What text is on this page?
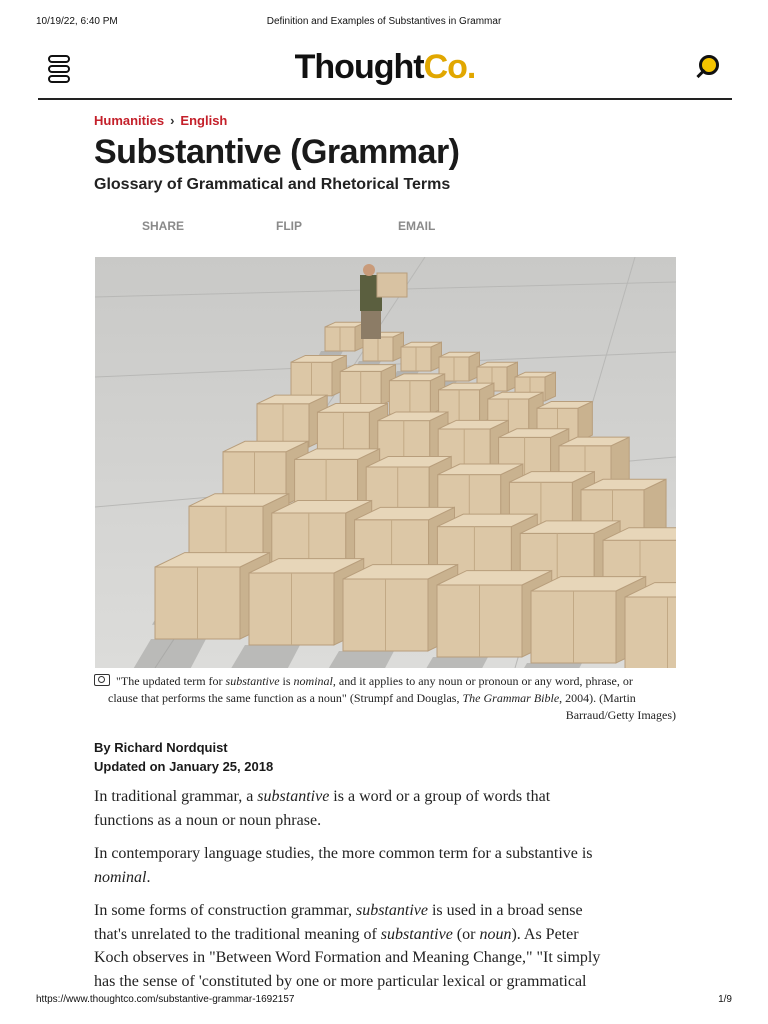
10/19/22, 6:40 PM	Definition and Examples of Substantives in Grammar
ThoughtCo.
Humanities › English
Substantive (Grammar)
Glossary of Grammatical and Rhetorical Terms
SHARE	FLIP	EMAIL
"The updated term for substantive is nominal, and it applies to any noun or pronoun or any word, phrase, or
clause that performs the same function as a noun" (Strumpf and Douglas, The Grammar Bible, 2004). (Martin
Barraud/Getty Images)
By Richard Nordquist
Updated on January 25, 2018

In traditional grammar, a substantive is a word or a group of words that
functions as a noun or noun phrase.

In contemporary language studies, the more common term for a substantive is
nominal.

In some forms of construction grammar, substantive is used in a broad sense
that's unrelated to the traditional meaning of substantive (or noun). As Peter
Koch observes in "Between Word Formation and Meaning Change," "It simply
has the sense of 'constituted by one or more particular lexical or grammatical

https://www.thoughtco.com/substantive-grammar-1692157	1/9
